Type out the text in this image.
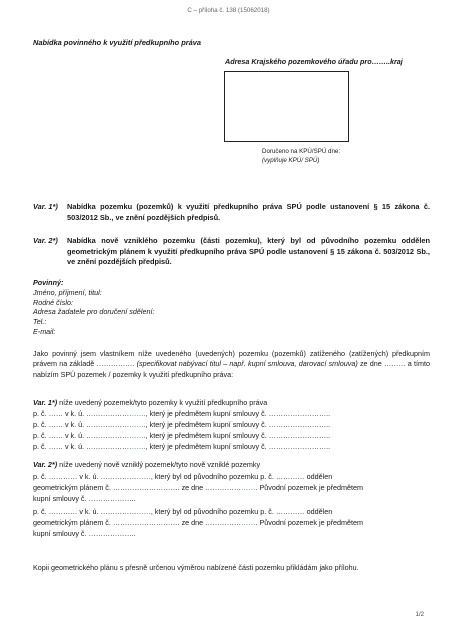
C – příloha č. 138 (15062018)
Nabídka povinného k využití předkupního práva
Adresa Krajského pozemkového úřadu pro……..kraj
Doručeno na KPÚ/SPÚ dne:
(vyplňuje KPÚ/ SPÚ)
Var. 1*)	Nabídka pozemku (pozemků) k využití předkupního práva SPÚ podle ustanovení § 15 zákona č. 503/2012 Sb., ve znění pozdějších předpisů.
Var. 2*)	Nabídka nově vzniklého pozemku (části pozemku), který byl od původního pozemku oddělen geometrickým plánem k využití předkupního práva SPÚ podle ustanovení § 15 zákona č. 503/2012 Sb., ve znění pozdějších předpisů.
Povinný:
Jméno, příjmení, titul:
Rodné číslo:
Adresa žadatele pro doručení sdělení:
Tel.:
E-mail:
Jako povinný jsem vlastníkem níže uvedeného (uvedených) pozemku (pozemků) zatíženého (zatížených) předkupním právem na základě ……………. (specifikovat nabývací titul – např. kupní smlouva, darovací smlouva) ze dne ……… a tímto nabízím SPÚ pozemek / pozemky k využití předkupního práva:
Var. 1*) níže uvedený pozemek/tyto pozemky k využití předkupního práva
p. č. …… v k. ú. ……………………., který je předmětem kupní smlouvy č. ……………………..
p. č. …… v k. ú. ……………………., který je předmětem kupní smlouvy č. ……………………..
p. č. …… v k. ú. ……………………., který je předmětem kupní smlouvy č. ……………………..
p. č. …… v k. ú. ……………………., který je předmětem kupní smlouvy č. ……………………..
Var. 2*) níže uvedený nově vzniklý pozemek/tyto nově vzniklé pozemky
p. č. ………… v k. ú. …………………, který byl od původního pozemku p. č. ………… oddělen
geometrickým plánem č. ………………………. ze dne …………………. Původní pozemek je předmětem
kupní smlouvy č. ………………..
p. č. ………… v k. ú. …………………, který byl od původního pozemku p. č. ………… oddělen
geometrickým plánem č. ………………………. ze dne …………………. Původní pozemek je předmětem
kupní smlouvy č. ………………..
Kopii geometrického plánu s přesně určenou výměrou nabízené části pozemku přikládám jako přílohu.
1/2
